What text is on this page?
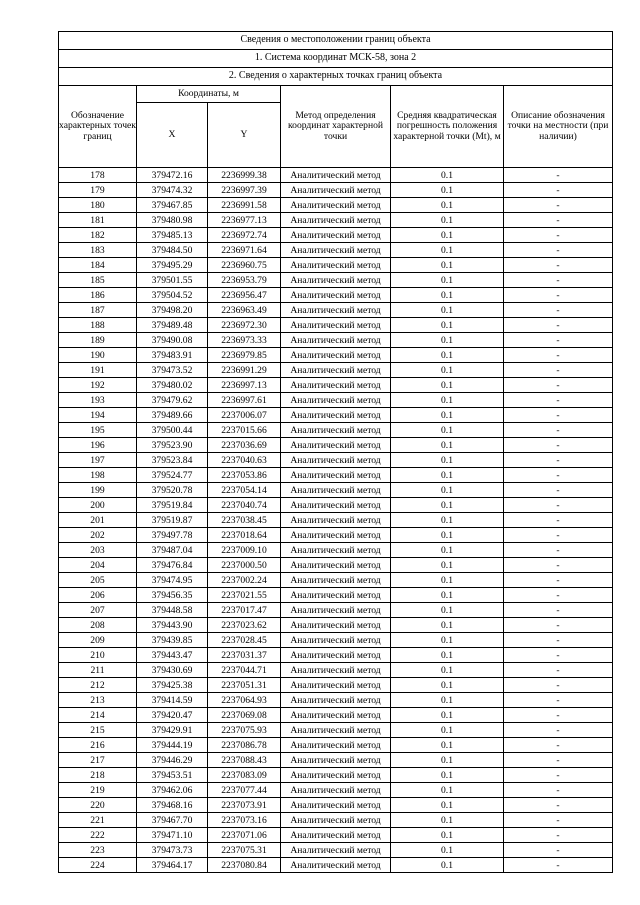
Сведения о местоположении границ объекта					
1. Система координат МСК-58, зона 2					
2. Сведения о характерных точках границ объекта					
Обозначение характерных точек границ	Координаты, м		Метод определения координат характерной точки	Средняя квадратическая погрешность положения характерной точки (Mt), м	Описание обозначения точки на местности (при наличии)
	X	Y			
178	379472.16	2236999.38	Аналитический метод	0.1	-
179	379474.32	2236997.39	Аналитический метод	0.1	-
180	379467.85	2236991.58	Аналитический метод	0.1	-
181	379480.98	2236977.13	Аналитический метод	0.1	-
182	379485.13	2236972.74	Аналитический метод	0.1	-
183	379484.50	2236971.64	Аналитический метод	0.1	-
184	379495.29	2236960.75	Аналитический метод	0.1	-
185	379501.55	2236953.79	Аналитический метод	0.1	-
186	379504.52	2236956.47	Аналитический метод	0.1	-
187	379498.20	2236963.49	Аналитический метод	0.1	-
188	379489.48	2236972.30	Аналитический метод	0.1	-
189	379490.08	2236973.33	Аналитический метод	0.1	-
190	379483.91	2236979.85	Аналитический метод	0.1	-
191	379473.52	2236991.29	Аналитический метод	0.1	-
192	379480.02	2236997.13	Аналитический метод	0.1	-
193	379479.62	2236997.61	Аналитический метод	0.1	-
194	379489.66	2237006.07	Аналитический метод	0.1	-
195	379500.44	2237015.66	Аналитический метод	0.1	-
196	379523.90	2237036.69	Аналитический метод	0.1	-
197	379523.84	2237040.63	Аналитический метод	0.1	-
198	379524.77	2237053.86	Аналитический метод	0.1	-
199	379520.78	2237054.14	Аналитический метод	0.1	-
200	379519.84	2237040.74	Аналитический метод	0.1	-
201	379519.87	2237038.45	Аналитический метод	0.1	-
202	379497.78	2237018.64	Аналитический метод	0.1	-
203	379487.04	2237009.10	Аналитический метод	0.1	-
204	379476.84	2237000.50	Аналитический метод	0.1	-
205	379474.95	2237002.24	Аналитический метод	0.1	-
206	379456.35	2237021.55	Аналитический метод	0.1	-
207	379448.58	2237017.47	Аналитический метод	0.1	-
208	379443.90	2237023.62	Аналитический метод	0.1	-
209	379439.85	2237028.45	Аналитический метод	0.1	-
210	379443.47	2237031.37	Аналитический метод	0.1	-
211	379430.69	2237044.71	Аналитический метод	0.1	-
212	379425.38	2237051.31	Аналитический метод	0.1	-
213	379414.59	2237064.93	Аналитический метод	0.1	-
214	379420.47	2237069.08	Аналитический метод	0.1	-
215	379429.91	2237075.93	Аналитический метод	0.1	-
216	379444.19	2237086.78	Аналитический метод	0.1	-
217	379446.29	2237088.43	Аналитический метод	0.1	-
218	379453.51	2237083.09	Аналитический метод	0.1	-
219	379462.06	2237077.44	Аналитический метод	0.1	-
220	379468.16	2237073.91	Аналитический метод	0.1	-
221	379467.70	2237073.16	Аналитический метод	0.1	-
222	379471.10	2237071.06	Аналитический метод	0.1	-
223	379473.73	2237075.31	Аналитический метод	0.1	-
224	379464.17	2237080.84	Аналитический метод	0.1	-
